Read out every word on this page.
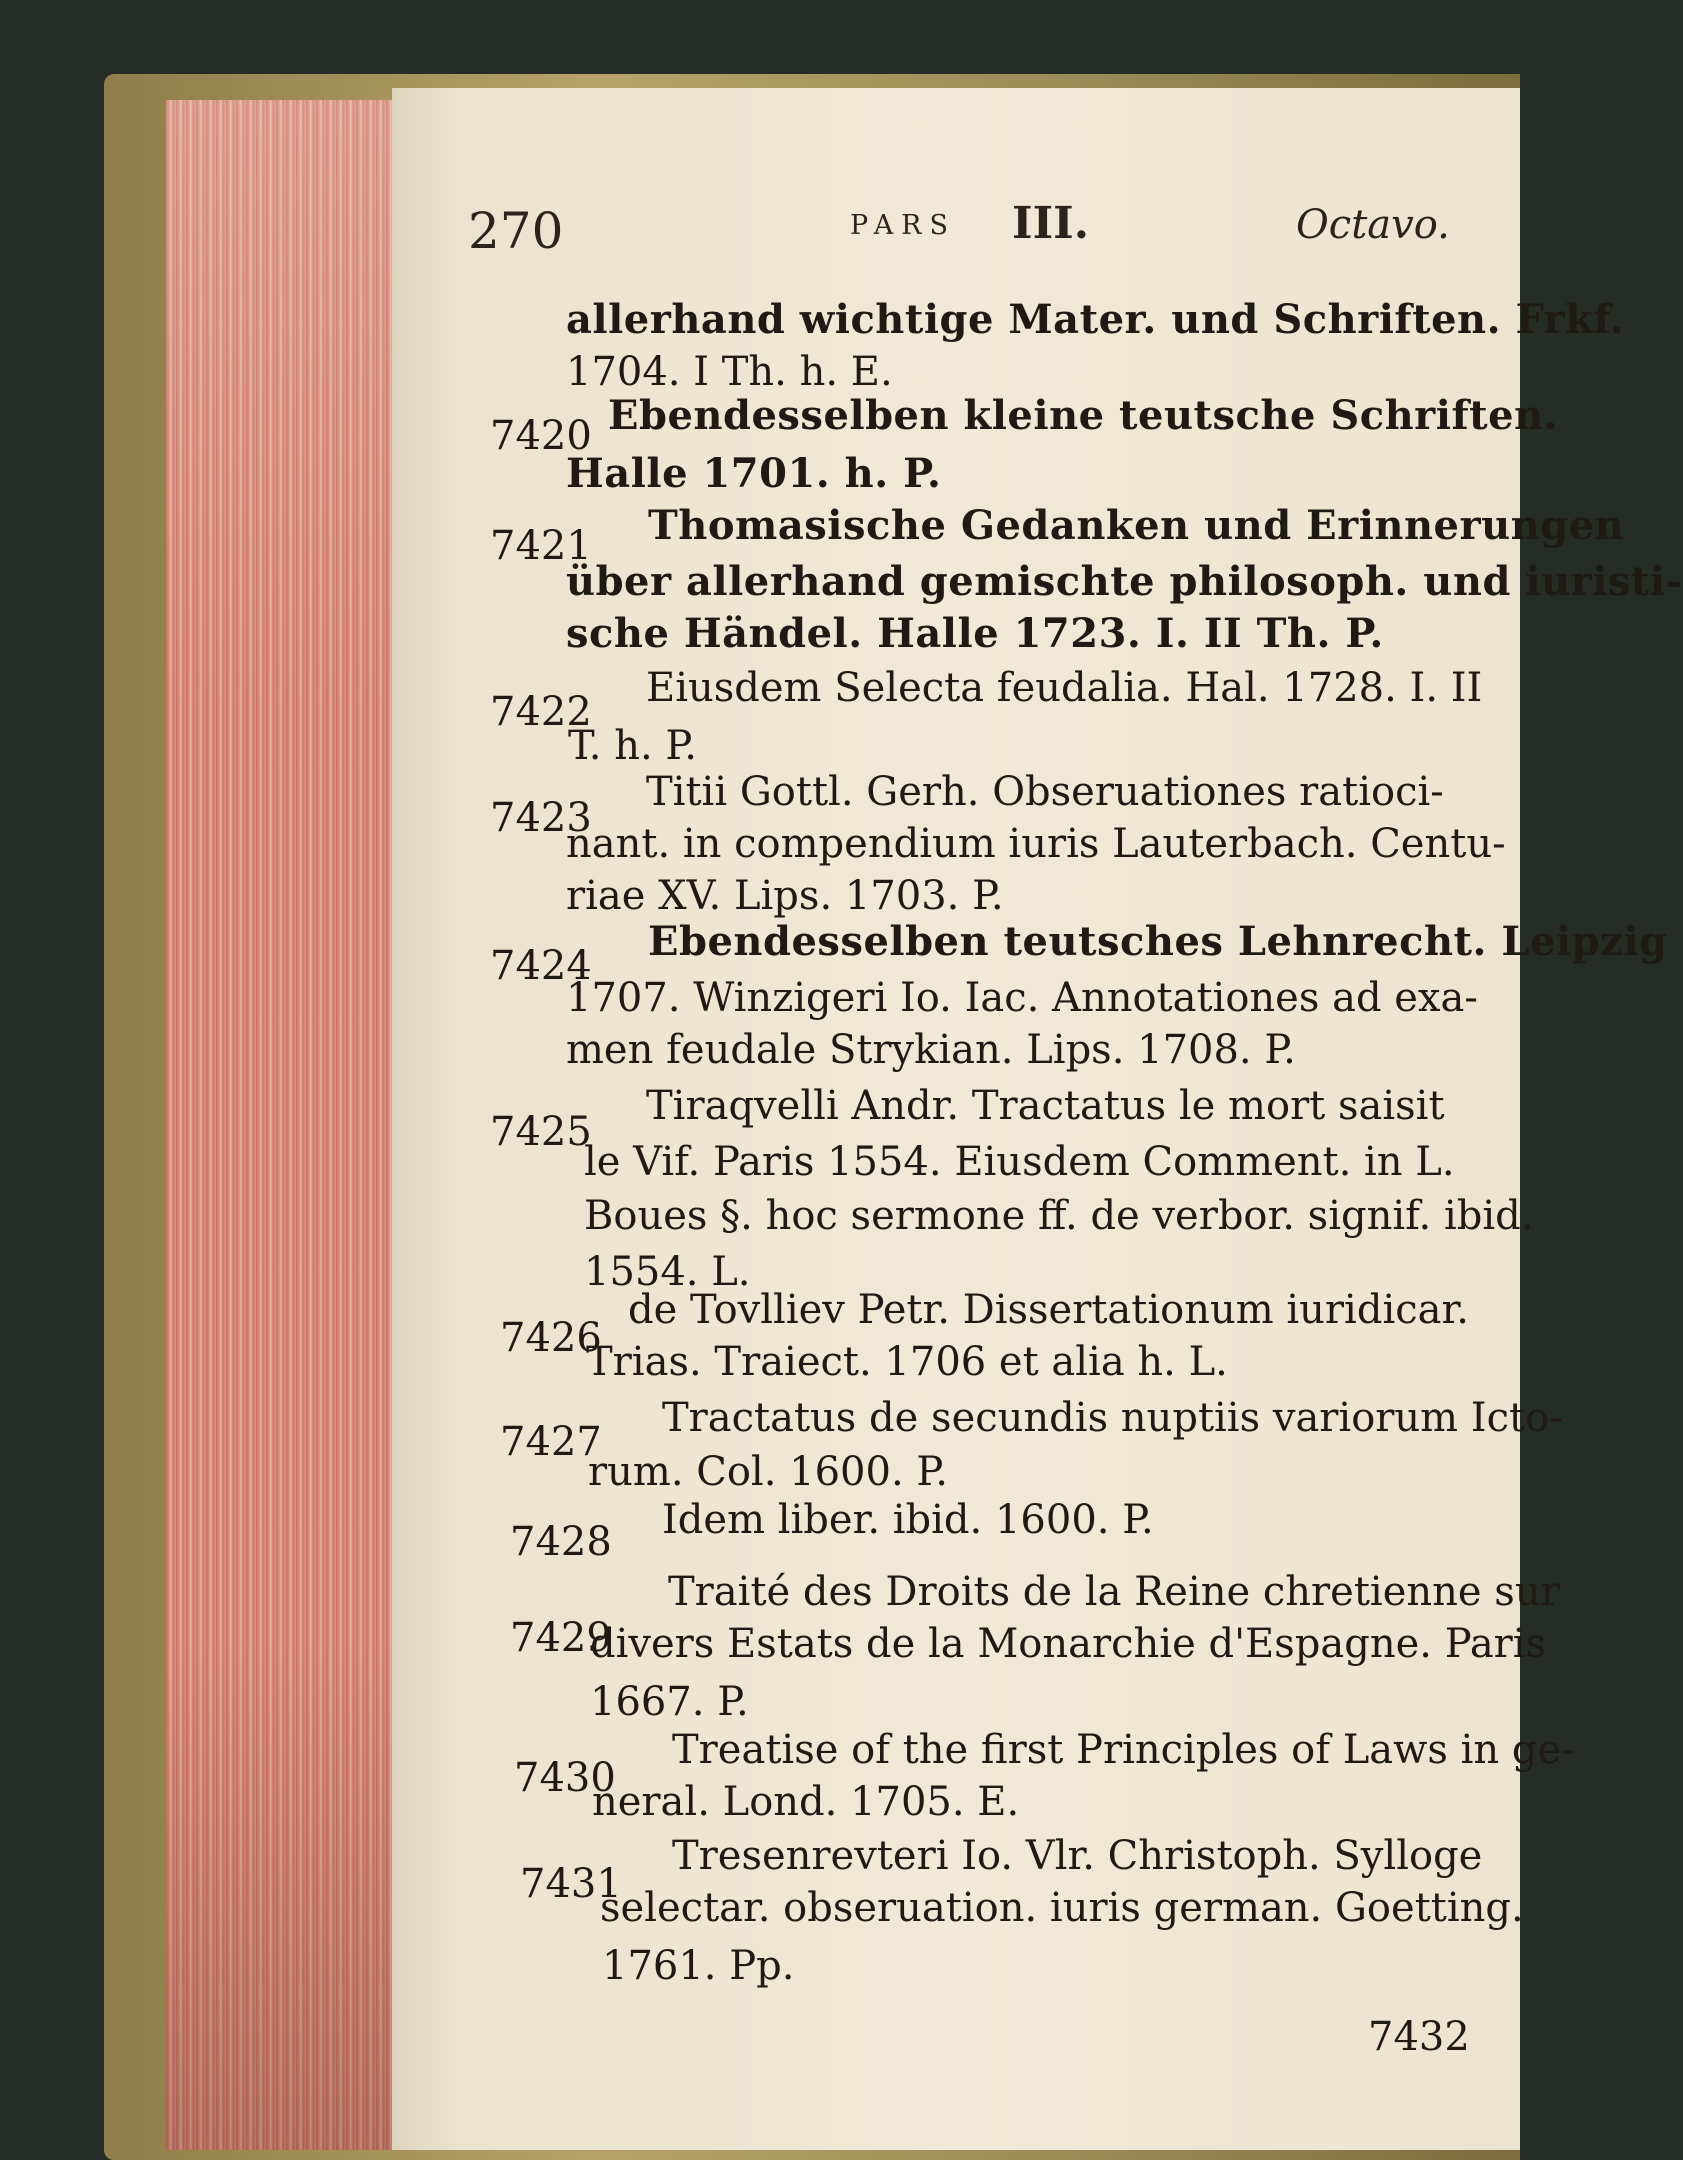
270	PARS III.	Octavo.
allerhand wichtige Mater. und Schriften. Frkf.
1704. I Th. h. E.
7420 Ebendesselben kleine teutsche Schriften.
Halle 1701. h. P.
7421 Thomasische Gedanken und Erinnerungen
über allerhand gemischte philosoph. und iuristi-
sche Händel. Halle 1723. I. II Th. P.
7422
Eiusdem Selecta feudalia. Hal. 1728. I. II
T. h. P.
7423
Titii Gottl. Gerh. Obseruationes ratioci-
nant. in compendium iuris Lauterbach. Centu-
riae XV. Lips. 1703. P.
7424
Ebendesselben teutsches Lehnrecht. Leipzig
1707. Winzigeri Io. Iac. Annotationes ad exa-
men feudale Strykian. Lips. 1708. P.
7425
Tiraqvelli Andr. Tractatus le mort saisit
le Vif. Paris 1554. Eiusdem Comment. in L.
Boues §. hoc sermone ff. de verbor. signif. ibid.
1554. L.
7426
de Tovlliev Petr. Dissertationum iuridicar.
Trias. Traiect. 1706 et alia h. L.
7427
Tractatus de secundis nuptiis variorum Icto-
rum. Col. 1600. P.
7428 Idem liber. ibid. 1600. P.
7429
Traité des Droits de la Reine chretienne sur
divers Estats de la Monarchie d'Espagne. Paris
1667. P.
7430
Treatise of the first Principles of Laws in ge-
neral. Lond. 1705. E.
7431
Tresenrevteri Io. Vlr. Christoph. Sylloge
selectar. obseruation. iuris german. Goetting.
1761. Pp.
7432
